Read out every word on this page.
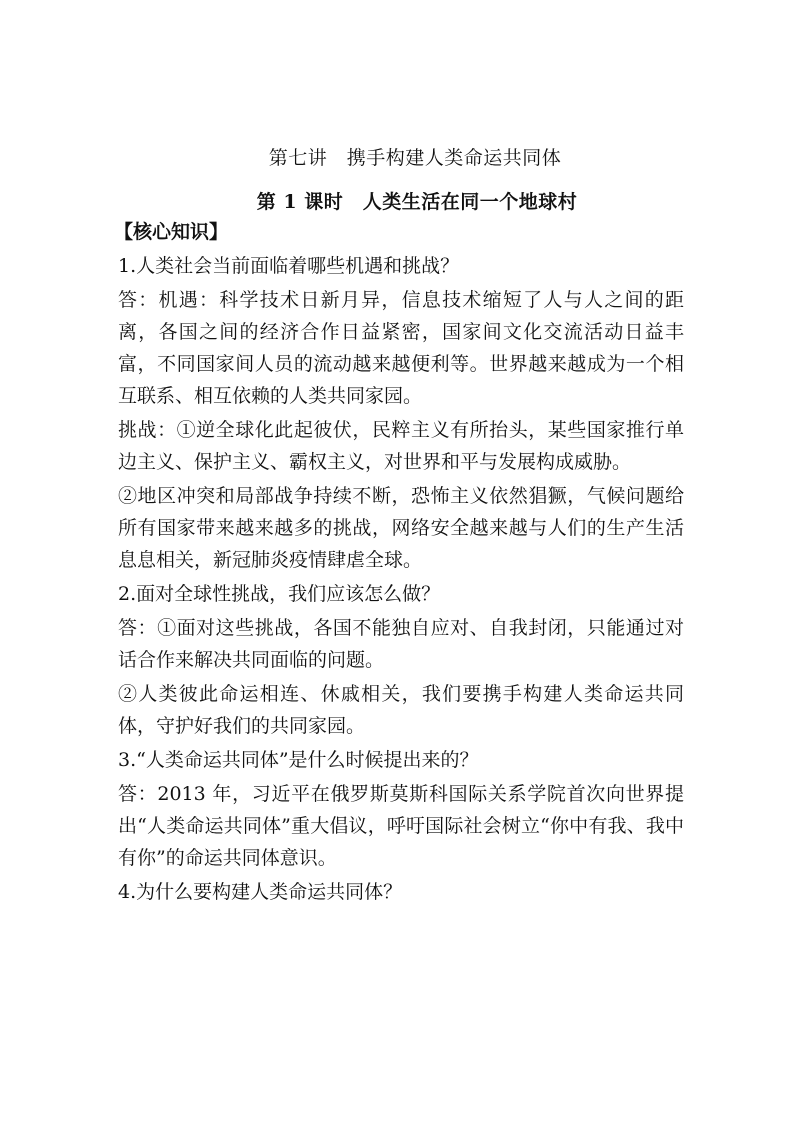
第七讲　携手构建人类命运共同体
第 1 课时　人类生活在同一个地球村
【核心知识】

1.人类社会当前面临着哪些机遇和挑战？

答：机遇：科学技术日新月异，信息技术缩短了人与人之间的距离，各国之间的经济合作日益紧密，国家间文化交流活动日益丰富，不同国家间人员的流动越来越便利等。世界越来越成为一个相互联系、相互依赖的人类共同家园。

挑战：①逆全球化此起彼伏，民粹主义有所抬头，某些国家推行单边主义、保护主义、霸权主义，对世界和平与发展构成威胁。

②地区冲突和局部战争持续不断，恐怖主义依然猖獗，气候问题给所有国家带来越来越多的挑战，网络安全越来越与人们的生产生活息息相关，新冠肺炎疫情肆虐全球。

2.面对全球性挑战，我们应该怎么做？

答：①面对这些挑战，各国不能独自应对、自我封闭，只能通过对话合作来解决共同面临的问题。

②人类彼此命运相连、休戚相关，我们要携手构建人类命运共同体，守护好我们的共同家园。

3.“人类命运共同体”是什么时候提出来的？

答：2013 年，习近平在俄罗斯莫斯科国际关系学院首次向世界提出“人类命运共同体”重大倡议，呼吁国际社会树立“你中有我、我中有你”的命运共同体意识。

4.为什么要构建人类命运共同体？
